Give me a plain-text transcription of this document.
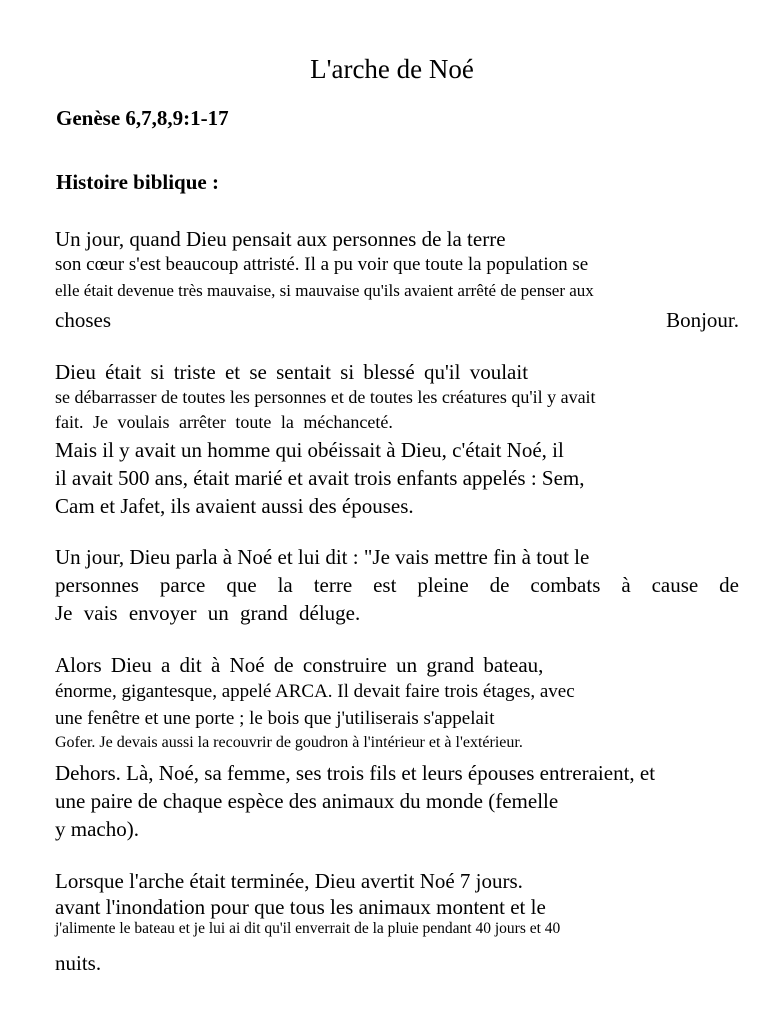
L'arche de Noé
Genèse 6,7,8,9:1-17
Histoire biblique :
Un jour, quand Dieu pensait aux personnes de la terre
son cœur s'est beaucoup attristé. Il a pu voir que toute la population se
elle était devenue très mauvaise, si mauvaise qu'ils avaient arrêté de penser aux
choses	Bonjour.
Dieu était si triste et se sentait si blessé qu'il voulait
se débarrasser de toutes les personnes et de toutes les créatures qu'il y avait
fait. Je voulais arrêter toute la méchanceté.
Mais il y avait un homme qui obéissait à Dieu, c'était Noé, il
il avait 500 ans, était marié et avait trois enfants appelés : Sem,
Cam et Jafet, ils avaient aussi des épouses.
Un jour, Dieu parla à Noé et lui dit : "Je vais mettre fin à tout le
personnes parce que la terre est pleine de combats à cause de
Je vais envoyer un grand déluge.
Alors Dieu a dit à Noé de construire un grand bateau,
énorme, gigantesque, appelé ARCA. Il devait faire trois étages, avec
une fenêtre et une porte ; le bois que j'utiliserais s'appelait
Gofer. Je devais aussi la recouvrir de goudron à l'intérieur et à l'extérieur.
Dehors. Là, Noé, sa femme, ses trois fils et leurs épouses entreraient, et
une paire de chaque espèce des animaux du monde (femelle
y macho).
Lorsque l'arche était terminée, Dieu avertit Noé 7 jours.
avant l'inondation pour que tous les animaux montent et le
j'alimente le bateau et je lui ai dit qu'il enverrait de la pluie pendant 40 jours et 40
nuits.
